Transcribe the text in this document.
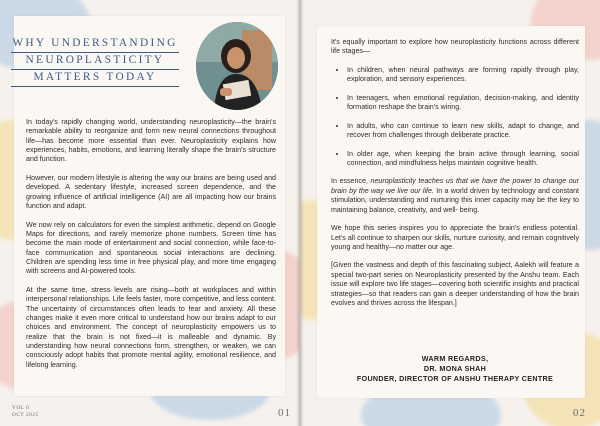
WHY UNDERSTANDING
NEUROPLASTICITY
MATTERS TODAY

In today's rapidly changing world, understanding neuroplasticity—the brain's remarkable ability to reorganize and form new neural connections throughout life—has become more essential than ever. Neuroplasticity explains how experiences, habits, emotions, and learning literally shape the brain's structure and function.

However, our modern lifestyle is altering the way our brains are being used and developed. A sedentary lifestyle, increased screen dependence, and the growing influence of artificial intelligence (AI) are all impacting how our brains function and adapt.

We now rely on calculators for even the simplest arithmetic, depend on Google Maps for directions, and rarely memorize phone numbers. Screen time has become the main mode of entertainment and social connection, while face-to-face communication and spontaneous social interactions are declining. Children are spending less time in free physical play, and more time engaging with screens and AI-powered tools.

At the same time, stress levels are rising—both at workplaces and within interpersonal relationships. Life feels faster, more competitive, and less content. The uncertainty of circumstances often leads to fear and anxiety. All these changes make it even more critical to understand how our brains adapt to our choices and environment. The concept of neuroplasticity empowers us to realize that the brain is not fixed—it is malleable and dynamic. By understanding how neural connections form, strengthen, or weaken, we can consciously adopt habits that promote mental agility, emotional resilience, and lifelong learning.

VOL 6
OCT 2025	01

It's equally important to explore how neuroplasticity functions across different life stages—

• In children, when neural pathways are forming rapidly through play, exploration, and sensory experiences.
• In teenagers, when emotional regulation, decision-making, and identity formation reshape the brain's wiring.
• In adults, who can continue to learn new skills, adapt to change, and recover from challenges through deliberate practice.
• In older age, when keeping the brain active through learning, social connection, and mindfulness helps maintain cognitive health.

In essence, neuroplasticity teaches us that we have the power to change our brain by the way we live our life. In a world driven by technology and constant stimulation, understanding and nurturing this inner capacity may be the key to maintaining balance, creativity, and well- being.

We hope this series inspires you to appreciate the brain's endless potential. Let's all continue to sharpen our skills, nurture curiosity, and remain cognitively young and healthy—no matter our age.

[Given the vastness and depth of this fascinating subject, Aalekh will feature a special two-part series on Neuroplasticity presented by the Anshu team. Each issue will explore two life stages—covering both scientific insights and practical strategies—so that readers can gain a deeper understanding of how the brain evolves and thrives across the lifespan.]

WARM REGARDS,
DR. MONA SHAH
FOUNDER, DIRECTOR OF ANSHU THERAPY CENTRE
02
